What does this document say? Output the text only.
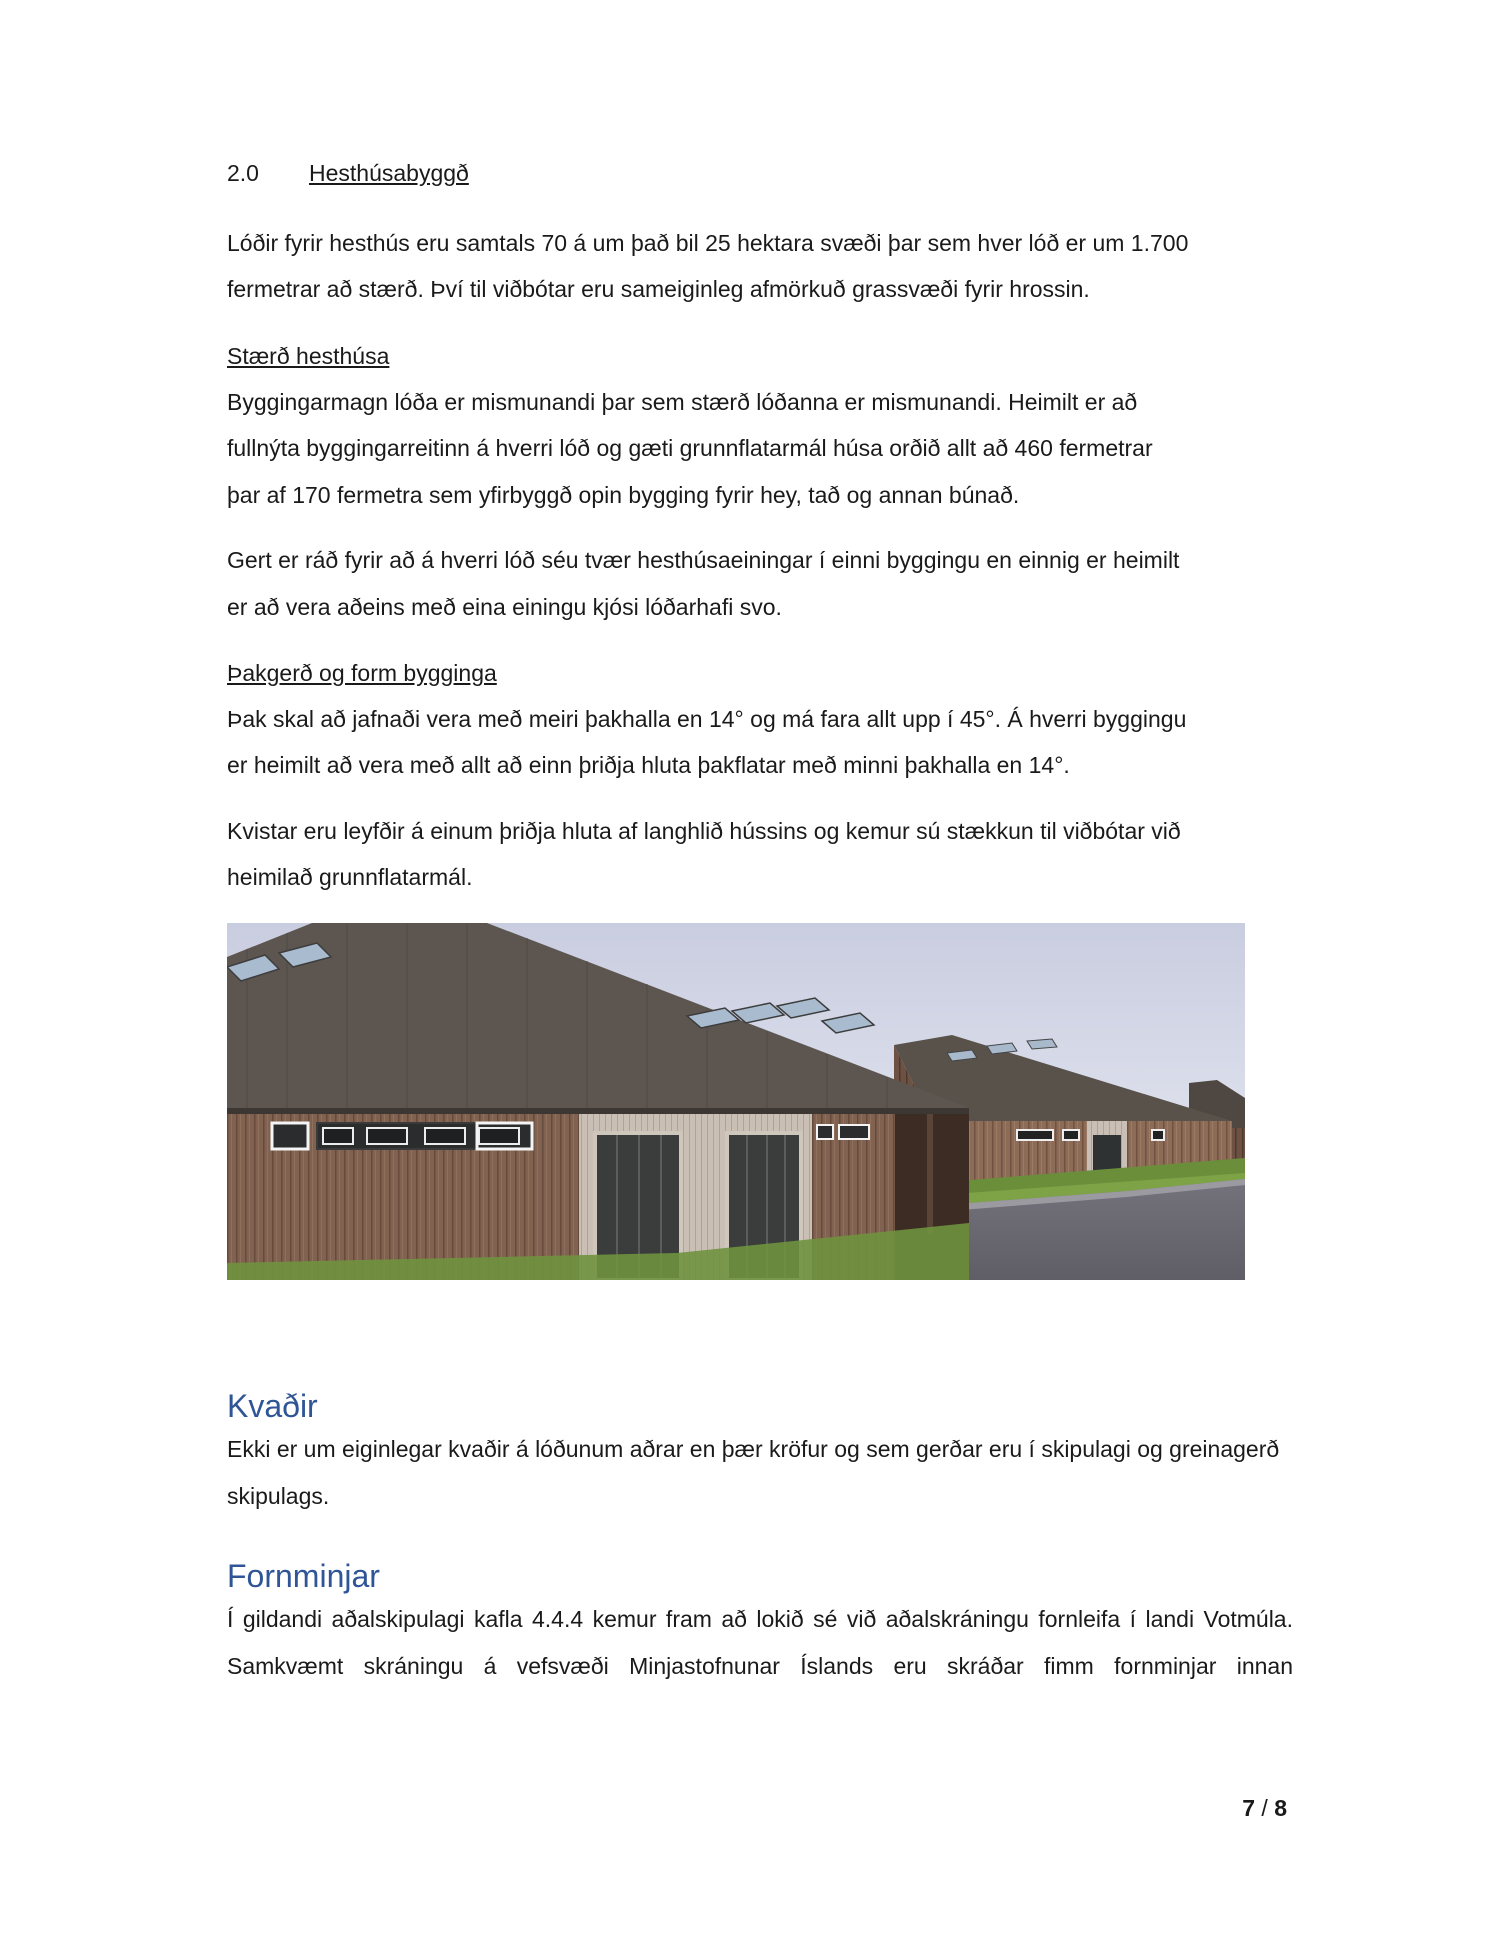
2.0 Hesthúsabyggð

Lóðir fyrir hesthús eru samtals 70 á um það bil 25 hektara svæði þar sem hver lóð er um 1.700

fermetrar að stærð. Því til viðbótar eru sameiginleg afmörkuð grassvæði fyrir hrossin.

Stærð hesthúsa

Byggingarmagn lóða er mismunandi þar sem stærð lóðanna er mismunandi. Heimilt er að

fullnýta byggingarreitinn á hverri lóð og gæti grunnflatarmál húsa orðið allt að 460 fermetrar

þar af 170 fermetra sem yfirbyggð opin bygging fyrir hey, tað og annan búnað.

Gert er ráð fyrir að á hverri lóð séu tvær hesthúsaeiningar í einni byggingu en einnig er heimilt

er að vera aðeins með eina einingu kjósi lóðarhafi svo.

Þakgerð og form bygginga

Þak skal að jafnaði vera með meiri þakhalla en 14° og má fara allt upp í 45°. Á hverri byggingu

er heimilt að vera með allt að einn þriðja hluta þakflatar með minni þakhalla en 14°.

Kvistar eru leyfðir á einum þriðja hluta af langhlið hússins og kemur sú stækkun til viðbótar við

heimilað grunnflatarmál.

Kvaðir

Ekki er um eiginlegar kvaðir á lóðunum aðrar en þær kröfur og sem gerðar eru í skipulagi og greinagerð

skipulags.

Fornminjar

Í gildandi aðalskipulagi kafla 4.4.4 kemur fram að lokið sé við aðalskráningu fornleifa í landi Votmúla.

Samkvæmt skráningu á vefsvæði Minjastofnunar Íslands eru skráðar fimm fornminjar innan

7 / 8
